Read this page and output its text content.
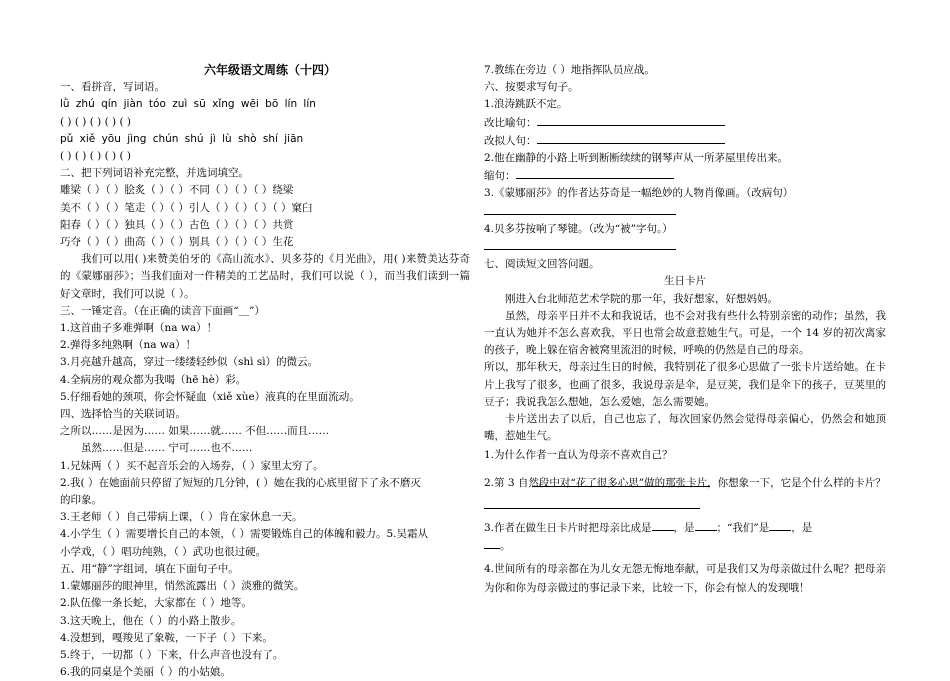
六年级语文周练（十四）
一、看拼音，写词语。
lǜ zhú qín jiàn tóo zuì sū xǐng wēi bō lín lín
( ) ( ) ( ) ( ) ( )
pǔ xiě yōu jìng chún shú jì lù shò shí jiān
( ) ( ) ( ) ( ) ( )
二、把下列词语补充完整，并选词填空。
雕梁（ ）（ ）脍炙（ ）（ ）不同（ ）（ ）（ ）绕梁
美不（ ）（ ）笔走（ ）（ ）引人（ ）（ ）（ ）（ ）窠臼
阳春（ ）（ ）独具（ ）（ ）古色（ ）（ ）（ ）共赏
巧夺（ ）（ ）曲高（ ）（ ）别具（ ）（ ）（ ）生花
我们可以用( )来赞美伯牙的《高山流水》、贝多芬的《月光曲》，用( )来赞美达芬奇的《蒙娜丽莎》；当我们面对一件精美的工艺品时，我们可以说（ ），而当我们读到一篇好文章时，我们可以说（ ）。
三、一锤定音。（在正确的读音下面画“＿”）
1.这首曲子多难弹啊（na wa）！
2.弹得多纯熟啊（na wa）！
3.月亮越升越高，穿过一缕缕轻纱似（shì sì）的微云。
4.全病房的观众都为我喝（hē hè）彩。
5.仔细看她的颈项，你会怀疑血（xiě xùe）液真的在里面流动。
四、选择恰当的关联词语。
之所以……是因为…… 如果……就…… 不但……而且……
虽然……但是…… 宁可……也不……
1.兄妹两（ ）买不起音乐会的入场券，（ ）家里太穷了。
2.我( ）在她面前只停留了短短的几分钟，( ）她在我的心底里留下了永不磨灭
的印象。
3.王老师（ ）自己带病上课，（ ）肯在家休息一天。
4.小学生（ ）需要增长自己的本领，（ ）需要锻炼自己的体魄和毅力。5.吴霜从
小学戏，（ ）唱功纯熟，（ ）武功也很过硬。
五、用“静”字组词，填在下面句子中。
1.蒙娜丽莎的眼神里，悄然流露出（ ）淡雅的微笑。
2.队伍像一条长蛇，大家都在（ ）地等。
3.这天晚上，他在（ ）的小路上散步。
4.没想到，嘎羧见了象鞍，一下子（ ）下来。
5.终于，一切都（ ）下来，什么声音也没有了。
6.我的同桌是个美丽（ ）的小姑娘。
7.教练在旁边（ ）地指挥队员应战。
六、按要求写句子。
1.浪涛跳跃不定。
改比喻句：
改拟人句：
2.他在幽静的小路上听到断断续续的钢琴声从一所茅屋里传出来。
缩句：
3.《蒙娜丽莎》的作者达芬奇是一幅绝妙的人物肖像画。（改病句）
4.贝多芬按响了琴键。（改为“被”字句。）
七、阅读短文回答问题。
生日卡片
刚进入台北师范艺术学院的那一年，我好想家，好想妈妈。
虽然，母亲平日并不太和我说话，也不会对我有些什么特别亲密的动作；虽然，我一直认为她并不怎么喜欢我，平日也常会故意惹她生气。可是，一个 14 岁的初次离家的孩子，晚上躲在宿舍被窝里流泪的时候，呼唤的仍然是自己的母亲。
所以，那年秋天，母亲过生日的时候，我特别花了很多心思做了一张卡片送给她。在卡片上我写了很多，也画了很多，我说母亲是伞，是豆荚，我们是伞下的孩子，豆荚里的豆子；我说我怎么想她，怎么爱她，怎么需要她。
卡片送出去了以后，自己也忘了，每次回家仍然会觉得母亲偏心，仍然会和她顶嘴，惹她生气。
1.为什么作者一直认为母亲不喜欢自己？
2.第 3 自然段中对“花了很多心思”做的那张卡片，你想象一下，它是个什么样的卡片？
3.作者在做生日卡片时把母亲比成是 ，是 ；“我们”是 ，是
。
4.世间所有的母亲都在为儿女无怨无悔地奉献，可是我们又为母亲做过什么呢？把母亲为你和你为母亲做过的事记录下来，比较一下，你会有惊人的发现哦！
